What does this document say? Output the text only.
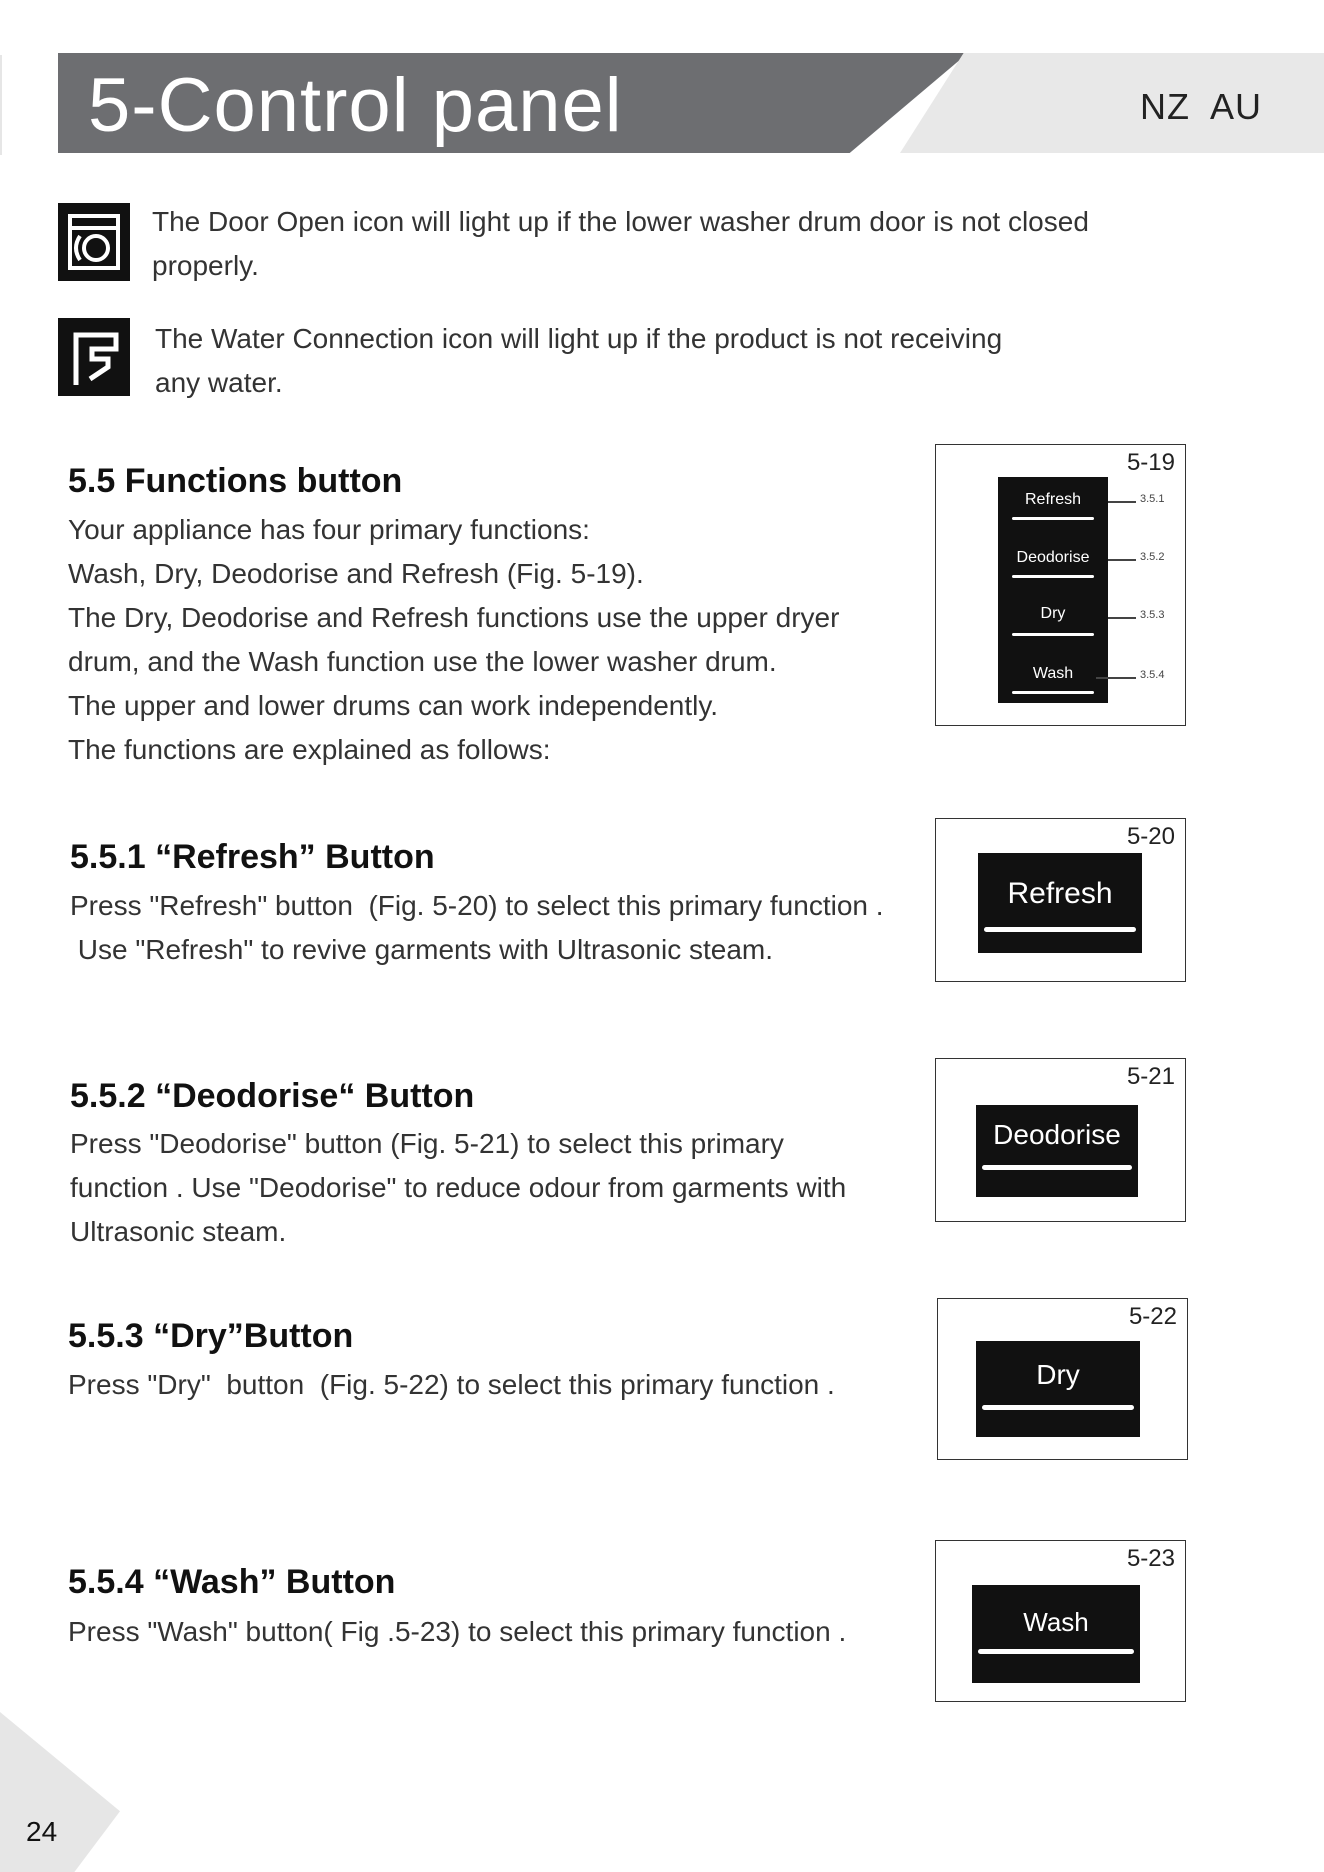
5-Control panel	NZ  AU
The Door Open icon will light up if the lower washer drum door is not closed
properly.
The Water Connection icon will light up if the product is not receiving
any water.
5.5 Functions button
Your appliance has four primary functions:
Wash, Dry, Deodorise and Refresh (Fig. 5-19).
The Dry, Deodorise and Refresh functions use the upper dryer
drum, and the Wash function use the lower washer drum.
The upper and lower drums can work independently.
The functions are explained as follows:
5-19
Refresh
Deodorise
Dry
Wash
3.5.1
3.5.2
3.5.3
3.5.4
5.5.1 “Refresh” Button
Press "Refresh" button  (Fig. 5-20) to select this primary function .
Use "Refresh" to revive garments with Ultrasonic steam.
5-20
Refresh
5.5.2 “Deodorise“ Button
Press "Deodorise" button (Fig. 5-21) to select this primary
function . Use "Deodorise" to reduce odour from garments with
Ultrasonic steam.
5-21
Deodorise
5.5.3 “Dry”Button
Press "Dry"  button  (Fig. 5-22) to select this primary function .
5-22
Dry
5.5.4 “Wash” Button
Press "Wash" button( Fig .5-23) to select this primary function .
5-23
Wash
24
